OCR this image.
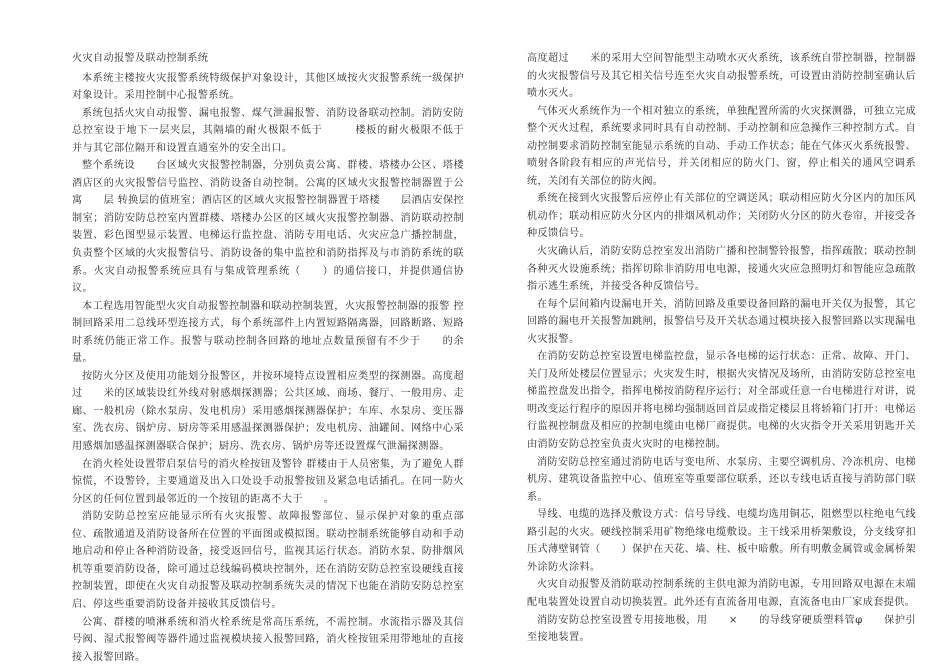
火灾自动报警及联动控制系统

本系统主楼按火灾报警系统特级保护对象设计，其他区域按火灾报警系统一级保护对象设计。采用控制中心报警系统。

系统包括火灾自动报警、漏电报警、煤气泄漏报警、消防设备联动控制。消防安防总控室设于地下一层夹层，其隔墙的耐火极限不低于　　　楼板的耐火极限不低于　　　并与其它部位隔开和设置直通室外的安全出口。

整个系统设　　台区域火灾报警控制器，分别负责公寓、群楼、塔楼办公区、塔楼酒店区的火灾报警信号监控、消防设备自动控制。公寓的区域火灾报警控制器置于公寓　　层 转换层的值班室；酒店区的区域火灾报警控制器置于塔楼　　层酒店安保控制室；消防安防总控室内置群楼、塔楼办公区的区域火灾报警控制器、消防联动控制装置、彩色图型显示装置、电梯运行监控盘、消防专用电话、火灾应急广播控制盘，负责整个区域的火灾报警信号、消防设备的集中监控和消防指挥及与市消防系统的联系。火灾自动报警系统应具有与集成管理系统（　　）的通信接口，并提供通信协议。

本工程选用智能型火灾自动报警控制器和联动控制装置，火灾报警控制器的报警 控制回路采用二总线环型连接方式，每个系统部件上内置短路隔离器，回路断路、短路时系统仍能正常工作。报警与联动控制各回路的地址点数量预留有不少于　　的余量。

按防火分区及使用功能划分报警区，并按环境特点设置相应类型的探测器。高度超过　　米的区域装设红外线对射感烟探测器；公共区域、商场、餐厅、一般用房、走廊、一般机房（除水泵房、发电机房）采用感烟探测器保护；车库、水泵房、变压器室、洗衣房、锅炉房、厨房等采用感温探测器保护；发电机房、油罐间、网络中心采用感烟加感温探测器联合保护；厨房、洗衣房、锅炉房等还设置煤气泄漏探测器。

在消火栓处设置带启泵信号的消火栓按钮及警铃 群楼由于人员密集，为了避免人群惊慌，不设警铃，主要通道及出入口处设手动报警按钮及紧急电话插孔。在同一防火分区的任何位置到最邻近的一个按钮的距离不大于　　。

消防安防总控室应能显示所有火灾报警、故障报警部位、显示保护对象的重点部位、疏散通道及消防设备所在位置的平面图或模拟图。联动控制系统能够自动和手动地启动和停止各种消防设备，接受返回信号，监视其运行状态。消防水泵、防排烟风机等重要消防设备，除可通过总线编码模块控制外，还在消防安防总控室设硬线直接控制装置，即使在火灾自动报警及联动控制系统失灵的情况下也能在消防安防总控室启、停这些重要消防设备并接收其反馈信号。

公寓、群楼的喷淋系统和消火栓系统是常高压系统，不需控制。水流指示器及其信号阀、湿式报警阀等器件通过监视模块接入报警回路，消火栓按钮采用带地址的直接接入报警回路。

高度超过　　米的采用大空间智能型主动喷水灭火系统，该系统自带控制器，控制器的火灾报警信号及其它相关信号连至火灾自动报警系统，可设置由消防控制室确认后喷水灭火。

气体灭火系统作为一个相对独立的系统，单独配置所需的火灾探测器，可独立完成整个灭火过程，系统要求同时具有自动控制、手动控制和应急操作三种控制方式。自动控制要求消防控制室能显示系统的自动、手动工作状态；能在气体灭火系统报警、喷射各阶段有相应的声光信号，并关闭相应的防火门、窗，停止相关的通风空调系统，关闭有关部位的防火阀。

系统在接到火灾报警后应停止有关部位的空调送风；联动相应防火分区内的加压风机动作；联动相应防火分区内的排烟风机动作；关闭防火分区的防火卷帘，并接受各种反馈信号。

火灾确认后，消防安防总控室发出消防广播和控制警铃报警，指挥疏散；联动控制各种灭火设施系统；指挥切除非消防用电电源，接通火灾应急照明灯和智能应急疏散指示逃生系统，并接受各种反馈信号。

在每个层间箱内设漏电开关，消防回路及重要设备回路的漏电开关仅为报警，其它回路的漏电开关报警加跳闸，报警信号及开关状态通过模块接入报警回路以实现漏电火灾报警。

在消防安防总控室设置电梯监控盘，显示各电梯的运行状态：正常、故障、开门、关门及所处楼层位置显示；火灾发生时，根据火灾情况及场所，由消防安防总控室电梯监控盘发出指令，指挥电梯按消防程序运行；对全部或任意一台电梯进行对讲，说明改变运行程序的原因并将电梯均强制返回首层或指定楼层且将轿箱门打开：电梯运行监视控制盘及相应的控制电缆由电梯厂商提供。电梯的火灾指令开关采用钥匙开关 由消防安防总控室负责火灾时的电梯控制。

消防安防总控室通过消防电话与变电所、水泵房、主要空调机房、冷冻机房、电梯机房、建筑设备监控中心、值班室等重要部位联系，还以专线电话直接与消防部门联系。

导线、电缆的选择及敷设方式：信号导线、电缆均选用铜芯，阻燃型以柱绝电气线路引起的火灾。硬线控制采用矿物绝缘电缆敷设。主干线采用桥架敷设，分支线穿扣压式薄壁钢管（　　）保护在天花、墙、柱、板中暗敷。所有明敷金属管或金属桥架外涂防火涂料。

火灾自动报警及消防联动控制系统的主供电源为消防电源，专用回路双电源在末端配电装置处设置自动切换装置。此外还有直流备用电源，直流备电由厂家成套提供。

消防安防总控室设置专用接地极，用　　×　　的导线穿硬质塑料管φ　　保护引至接地装置。
